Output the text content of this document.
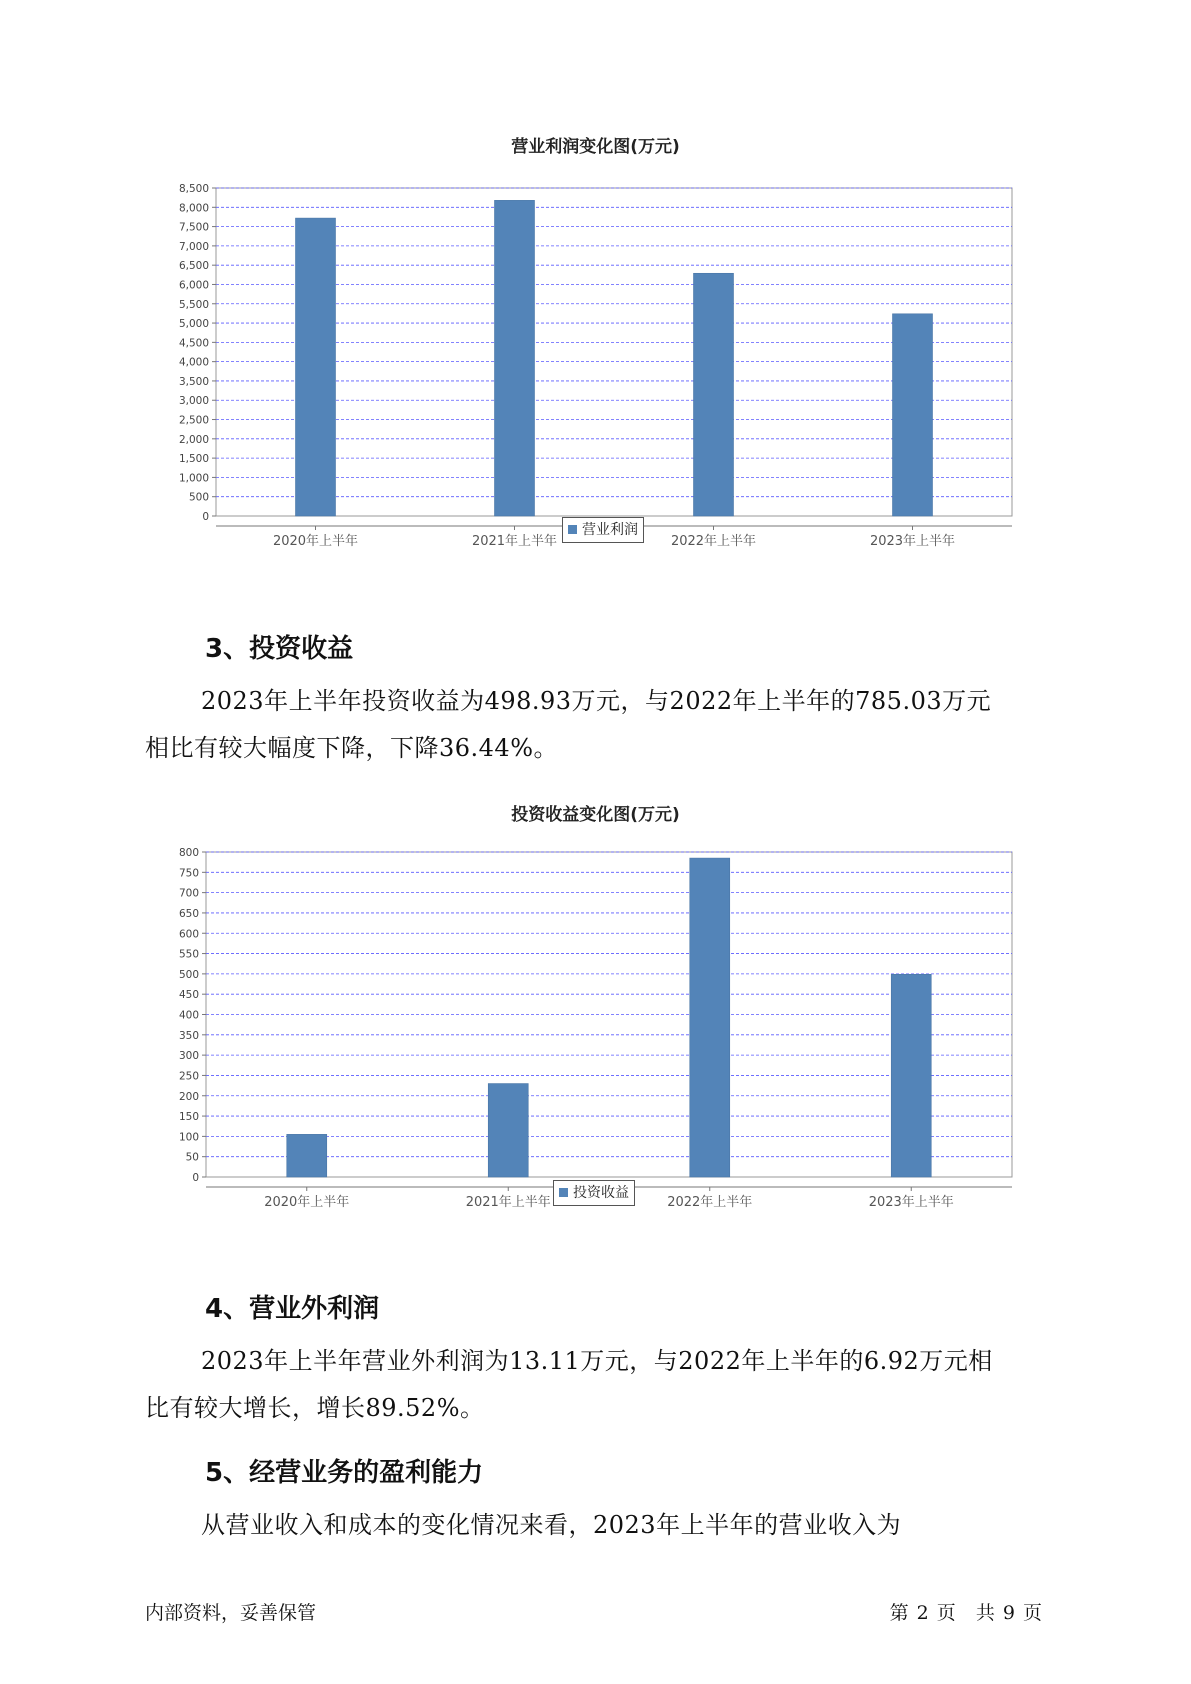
营业利润变化图(万元)
0
500
1,000
1,500
2,000
2,500
3,000
3,500
4,000
4,500
5,000
5,500
6,000
6,500
7,000
7,500
8,000
8,500
2020年上半年	2021年上半年	2022年上半年	2023年上半年
营业利润
3、投资收益

2023年上半年投资收益为498.93万元，与2022年上半年的785.03万元
相比有较大幅度下降，下降36.44%。

投资收益变化图(万元)
0
50
100
150
200
250
300
350
400
450
500
550
600
650
700
750
800
2020年上半年	2021年上半年	2022年上半年	2023年上半年
投资收益
4、营业外利润

2023年上半年营业外利润为13.11万元，与2022年上半年的6.92万元相
比有较大增长，增长89.52%。

5、经营业务的盈利能力

从营业收入和成本的变化情况来看，2023年上半年的营业收入为

内部资料，妥善保管	第 2 页 共 9 页
